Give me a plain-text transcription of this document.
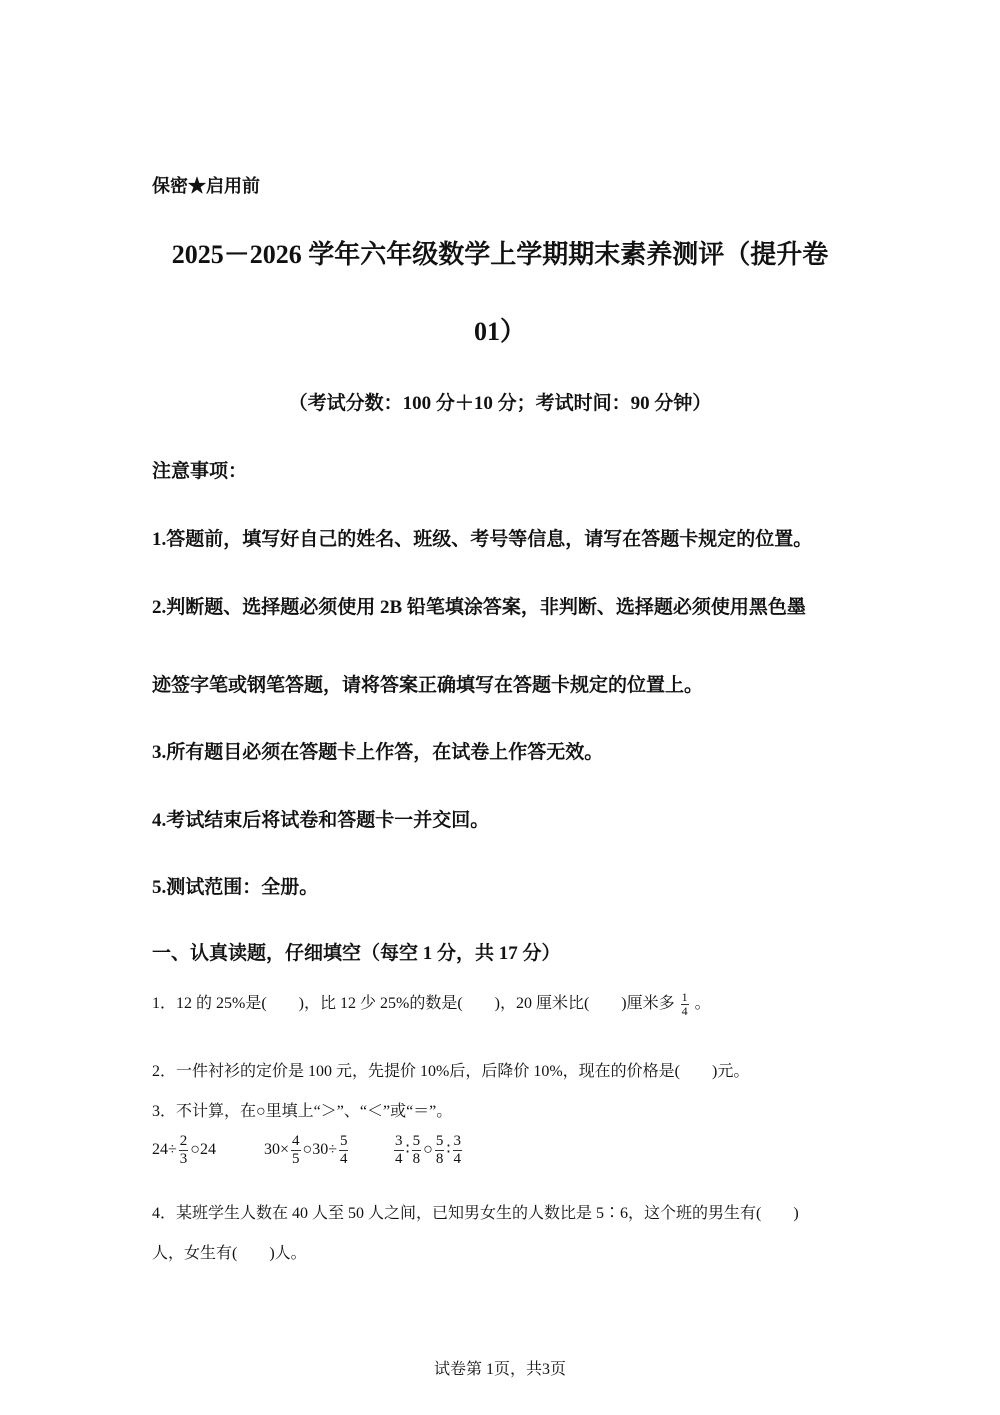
保密★启用前
2025－2026 学年六年级数学上学期期末素养测评（提升卷
01）
（考试分数：100 分＋10 分；考试时间：90 分钟）
注意事项：
1.答题前，填写好自己的姓名、班级、考号等信息，请写在答题卡规定的位置。
2.判断题、选择题必须使用 2B 铅笔填涂答案，非判断、选择题必须使用黑色墨
迹签字笔或钢笔答题，请将答案正确填写在答题卡规定的位置上。
3.所有题目必须在答题卡上作答，在试卷上作答无效。
4.考试结束后将试卷和答题卡一并交回。
5.测试范围：全册。
一、认真读题，仔细填空（每空 1 分，共 17 分）
1．12 的 25%是(　　)，比 12 少 25%的数是(　　)，20 厘米比(　　)厘米多 $\frac{1}{4}$ 。
2．一件衬衫的定价是 100 元，先提价 10%后，后降价 10%，现在的价格是(　　)元。
3．不计算，在○里填上“＞”、“＜”或“＝”。
$24\div \frac{2}{3}$ ○24	$30\times \frac{4}{5}$ ○30÷ $\frac{5}{4}$	$\frac{3}{4}$ ∶ $\frac{5}{8}$ ○ $\frac{5}{8}$ ∶ $\frac{3}{4}$
4．某班学生人数在 40 人至 50 人之间，已知男女生的人数比是 5∶6，这个班的男生有(　　)
人，女生有(　　)人。
试卷第 1页，共3页
